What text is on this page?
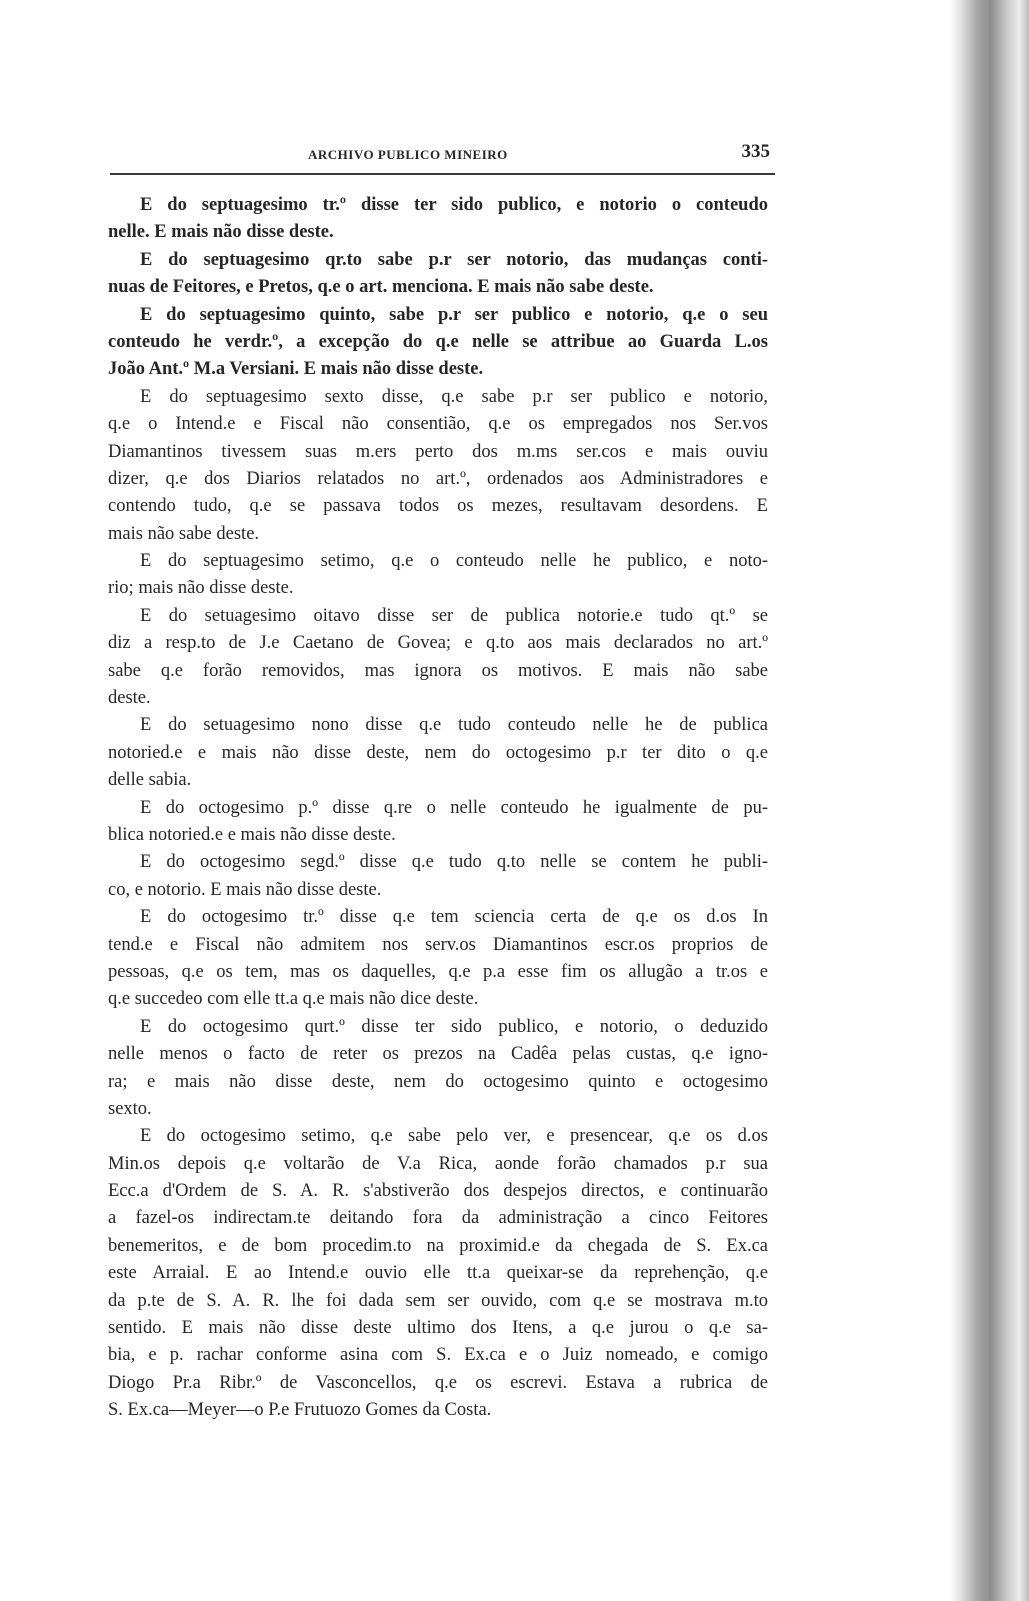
ARCHIVO PUBLICO MINEIRO	335

E do septuagesimo tr.º disse ter sido publico, e notorio o conteudo
nelle. E mais não disse deste.

E do septuagesimo qr.to sabe p.r ser notorio, das mudanças conti-
nuas de Feitores, e Pretos, q.e o art. menciona. E mais não sabe deste.

E do septuagesimo quinto, sabe p.r ser publico e notorio, q.e o seu
conteudo he verdr.º, a excepção do q.e nelle se attribue ao Guarda L.os
João Ant.º M.a Versiani. E mais não disse deste.

E do septuagesimo sexto disse, q.e sabe p.r ser publico e notorio,
q.e o Intend.e e Fiscal não consentião, q.e os empregados nos Ser.vos
Diamantinos tivessem suas m.ers perto dos m.ms ser.cos e mais ouviu
dizer, q.e dos Diarios relatados no art.º, ordenados aos Administradores e
contendo tudo, q.e se passava todos os mezes, resultavam desordens. E
mais não sabe deste.

E do septuagesimo setimo, q.e o conteudo nelle he publico, e noto-
rio; mais não disse deste.

E do setuagesimo oitavo disse ser de publica notorie.e tudo qt.º se
diz a resp.to de J.e Caetano de Govea; e q.to aos mais declarados no art.º
sabe q.e forão removidos, mas ignora os motivos. E mais não sabe
deste.

E do setuagesimo nono disse q.e tudo conteudo nelle he de publica
notoried.e e mais não disse deste, nem do octogesimo p.r ter dito o q.e
delle sabia.

E do octogesimo p.º disse q.re o nelle conteudo he igualmente de pu-
blica notoried.e e mais não disse deste.

E do octogesimo segd.º disse q.e tudo q.to nelle se contem he publi-
co, e notorio. E mais não disse deste.

E do octogesimo tr.º disse q.e tem sciencia certa de q.e os d.os In
tend.e e Fiscal não admitem nos serv.os Diamantinos escr.os proprios de
pessoas, q.e os tem, mas os daquelles, q.e p.a esse fim os allugão a tr.os e
q.e succedeo com elle tt.a q.e mais não dice deste.

E do octogesimo qurt.º disse ter sido publico, e notorio, o deduzido
nelle menos o facto de reter os prezos na Cadêa pelas custas, q.e igno-
ra; e mais não disse deste, nem do octogesimo quinto e octogesimo
sexto.

E do octogesimo setimo, q.e sabe pelo ver, e presencear, q.e os d.os
Min.os depois q.e voltarão de V.a Rica, aonde forão chamados p.r sua
Ecc.a d'Ordem de S. A. R. s'abstiverão dos despejos directos, e continuarão
a fazel-os indirectam.te deitando fora da administração a cinco Feitores
benemeritos, e de bom procedim.to na proximid.e da chegada de S. Ex.ca
este Arraial. E ao Intend.e ouvio elle tt.a queixar-se da reprehenção, q.e
da p.te de S. A. R. lhe foi dada sem ser ouvido, com q.e se mostrava m.to
sentido. E mais não disse deste ultimo dos Itens, a q.e jurou o q.e sa-
bia, e p. rachar conforme asina com S. Ex.ca e o Juiz nomeado, e comigo
Diogo Pr.a Ribr.º de Vasconcellos, q.e os escrevi. Estava a rubrica de
S. Ex.ca—Meyer—o P.e Frutuozo Gomes da Costa.
